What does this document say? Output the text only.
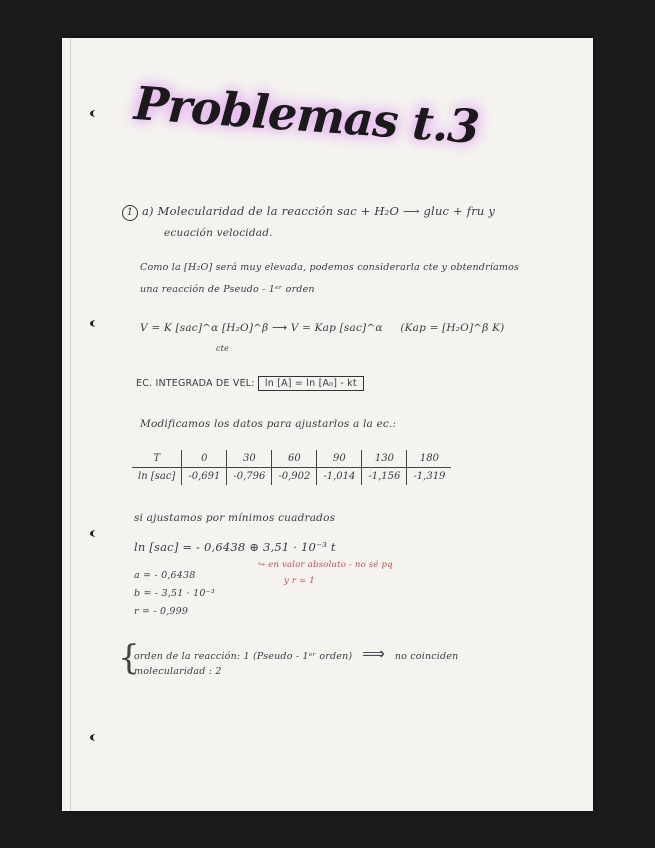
Problemas t.3
1 a) Molecularidad de la reacción sac + H₂O ⟶ gluc + fru y
ecuación velocidad.
Como la [H₂O] será muy elevada, podemos considerarla cte y obtendríamos
una reacción de Pseudo - 1ᵉʳ orden
V = K [sac]^α [H₂O]^β ⟶ V = Kap [sac]^α (Kap = [H₂O]^β K)
cte
EC. INTEGRADA DE VEL: ln [A] = ln [A₀] - kt
Modificamos los datos para ajustarlos a la ec.:
T	0	30	60	90	130	180
ln [sac]	-0,691	-0,796	-0,902	-1,014	-1,156	-1,319
si ajustamos por mínimos cuadrados
ln [sac] = - 0,6438 ⊕ 3,51 · 10⁻³ t
↪ en valor absoluto - no sé pq
y r = 1
a = - 0,6438
b = - 3,51 · 10⁻³
r = - 0,999
{
orden de la reacción: 1 (Pseudo - 1ᵉʳ orden) ⟹ no coinciden
molecularidad : 2
